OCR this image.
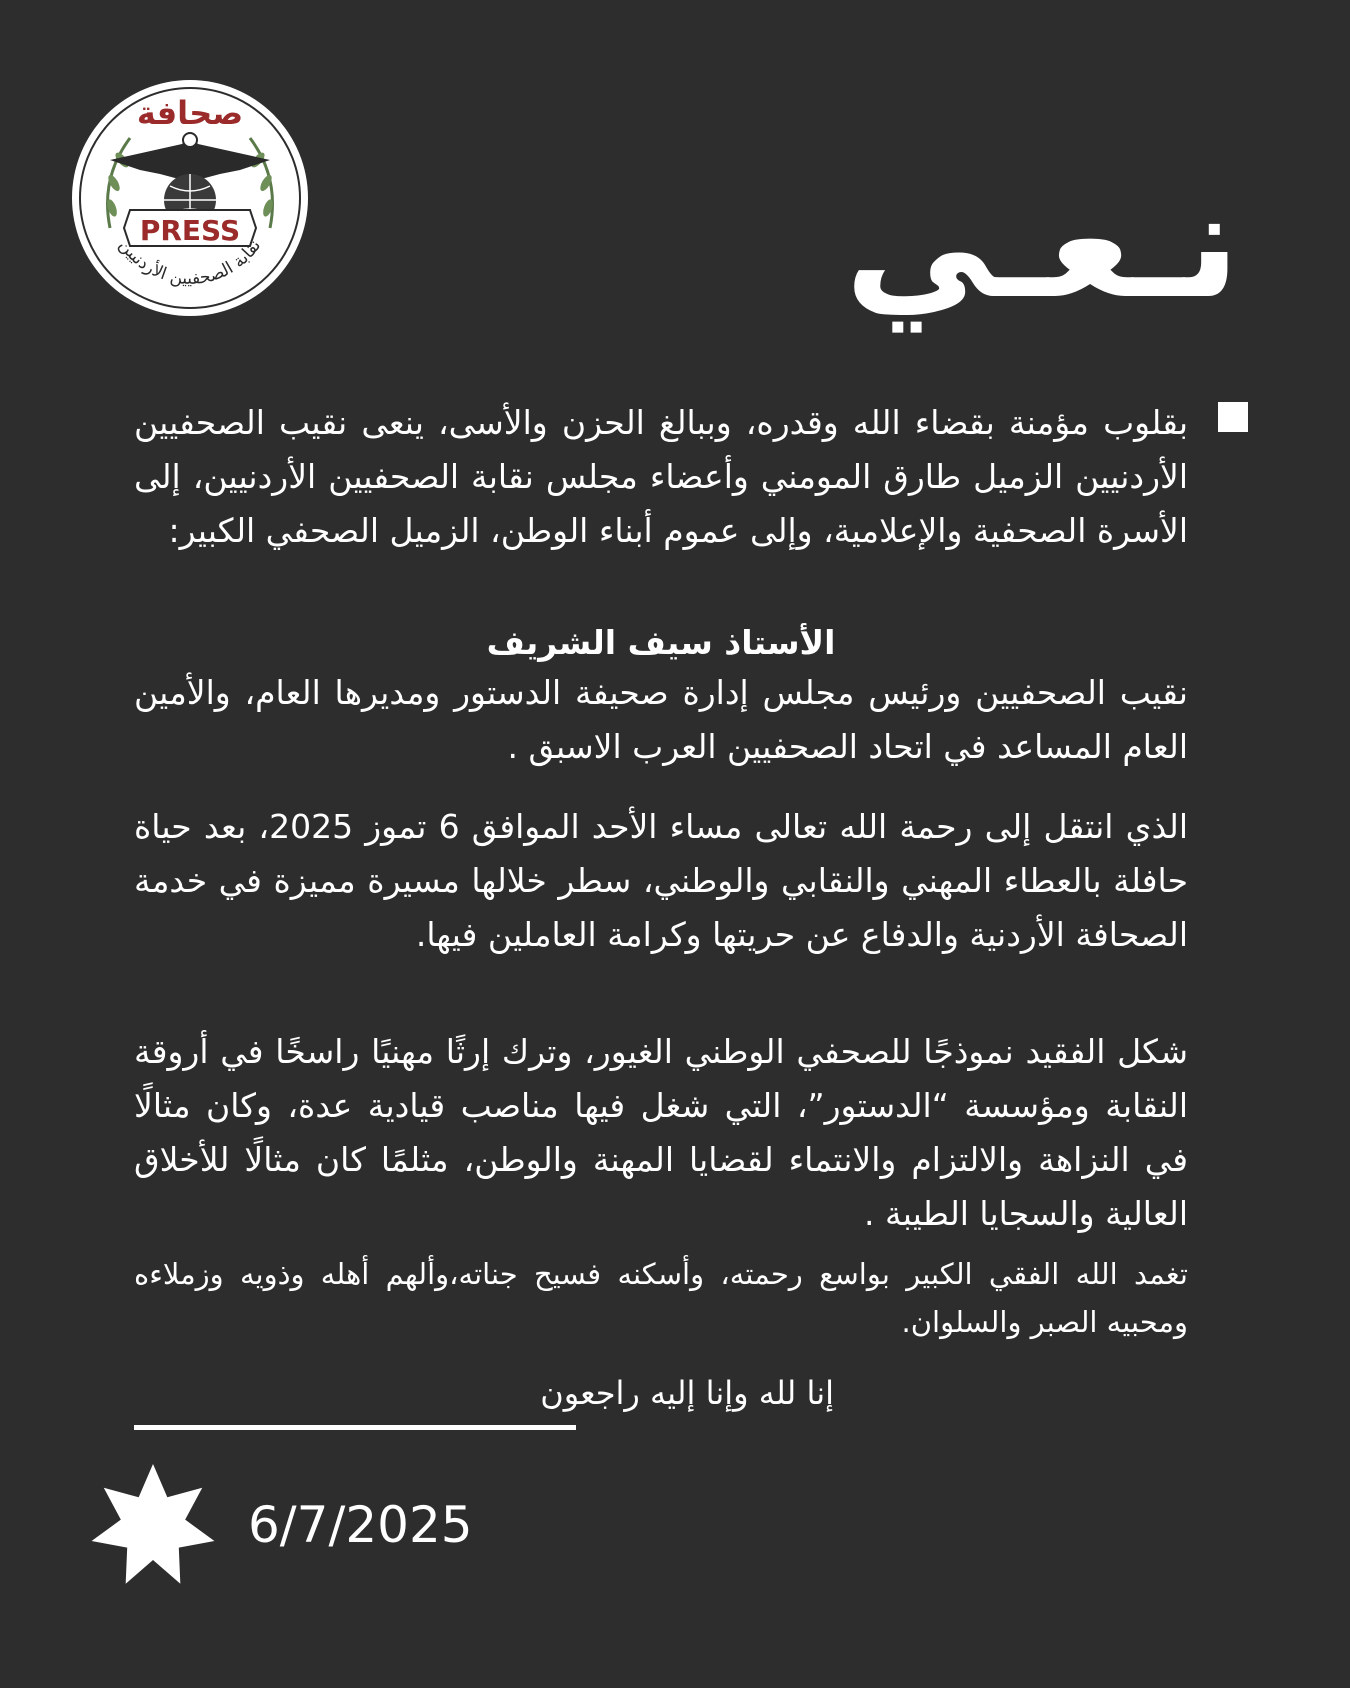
صحافة
PRESS
نقابة الصحفيين الأردنيين	نـعـي

بقلوب مؤمنة بقضاء الله وقدره، وببالغ الحزن والأسى، ينعى نقيب الصحفيين الأردنيين الزميل طارق المومني وأعضاء مجلس نقابة الصحفيين الأردنيين، إلى الأسرة الصحفية والإعلامية، وإلى عموم أبناء الوطن، الزميل الصحفي الكبير:

الأستاذ سيف الشريف

نقيب الصحفيين ورئيس مجلس إدارة صحيفة الدستور ومديرها العام، والأمين العام المساعد في اتحاد الصحفيين العرب الاسبق .

الذي انتقل إلى رحمة الله تعالى مساء الأحد الموافق 6 تموز 2025، بعد حياة حافلة بالعطاء المهني والنقابي والوطني، سطر خلالها مسيرة مميزة في خدمة الصحافة الأردنية والدفاع عن حريتها وكرامة العاملين فيها.

شكل الفقيد نموذجًا للصحفي الوطني الغيور، وترك إرثًا مهنيًا راسخًا في أروقة النقابة ومؤسسة “الدستور”، التي شغل فيها مناصب قيادية عدة، وكان مثالًا في النزاهة والالتزام والانتماء لقضايا المهنة والوطن، مثلمًا كان مثالًا للأخلاق العالية والسجايا الطيبة .

تغمد الله الفقي الكبير بواسع رحمته، وأسكنه فسيح جناته،وألهم أهله وذويه وزملاءه ومحبيه الصبر والسلوان.

إنا لله وإنا إليه راجعون

6/7/2025
